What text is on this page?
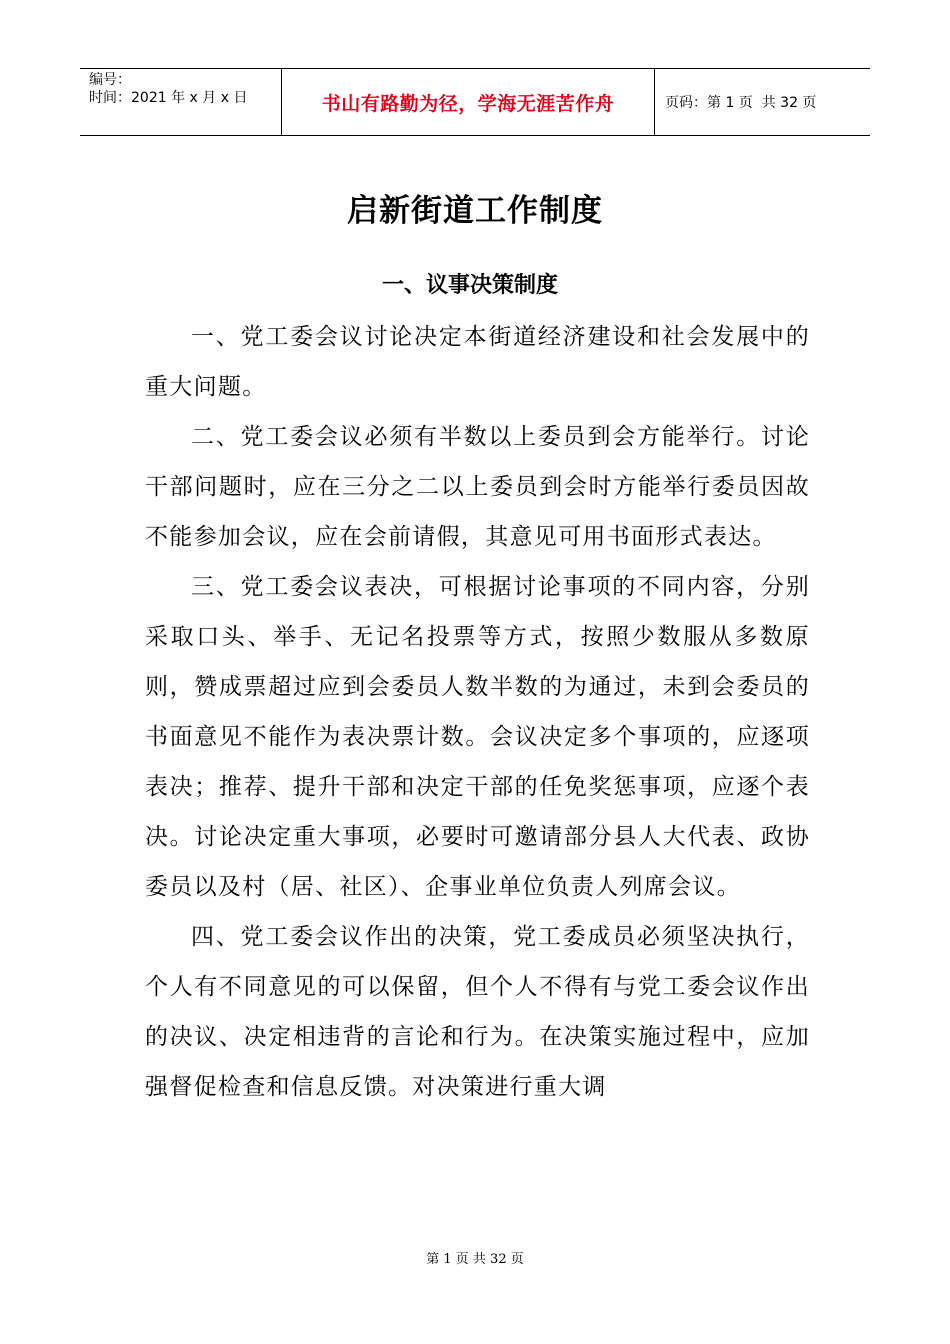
编号：
时间：2021 年 x 月 x 日	书山有路勤为径，学海无涯苦作舟	页码：第 1 页  共 32 页
启新街道工作制度
一、议事决策制度

一、党工委会议讨论决定本街道经济建设和社会发展中的重大问题。

二、党工委会议必须有半数以上委员到会方能举行。讨论干部问题时，应在三分之二以上委员到会时方能举行委员因故不能参加会议，应在会前请假，其意见可用书面形式表达。

三、党工委会议表决，可根据讨论事项的不同内容，分别采取口头、举手、无记名投票等方式，按照少数服从多数原则，赞成票超过应到会委员人数半数的为通过，未到会委员的书面意见不能作为表决票计数。会议决定多个事项的，应逐项表决；推荐、提升干部和决定干部的任免奖惩事项，应逐个表决。讨论决定重大事项，必要时可邀请部分县人大代表、政协委员以及村（居、社区）、企事业单位负责人列席会议。

四、党工委会议作出的决策，党工委成员必须坚决执行，个人有不同意见的可以保留，但个人不得有与党工委会议作出的决议、决定相违背的言论和行为。在决策实施过程中，应加强督促检查和信息反馈。对决策进行重大调

第 1 页 共 32 页
